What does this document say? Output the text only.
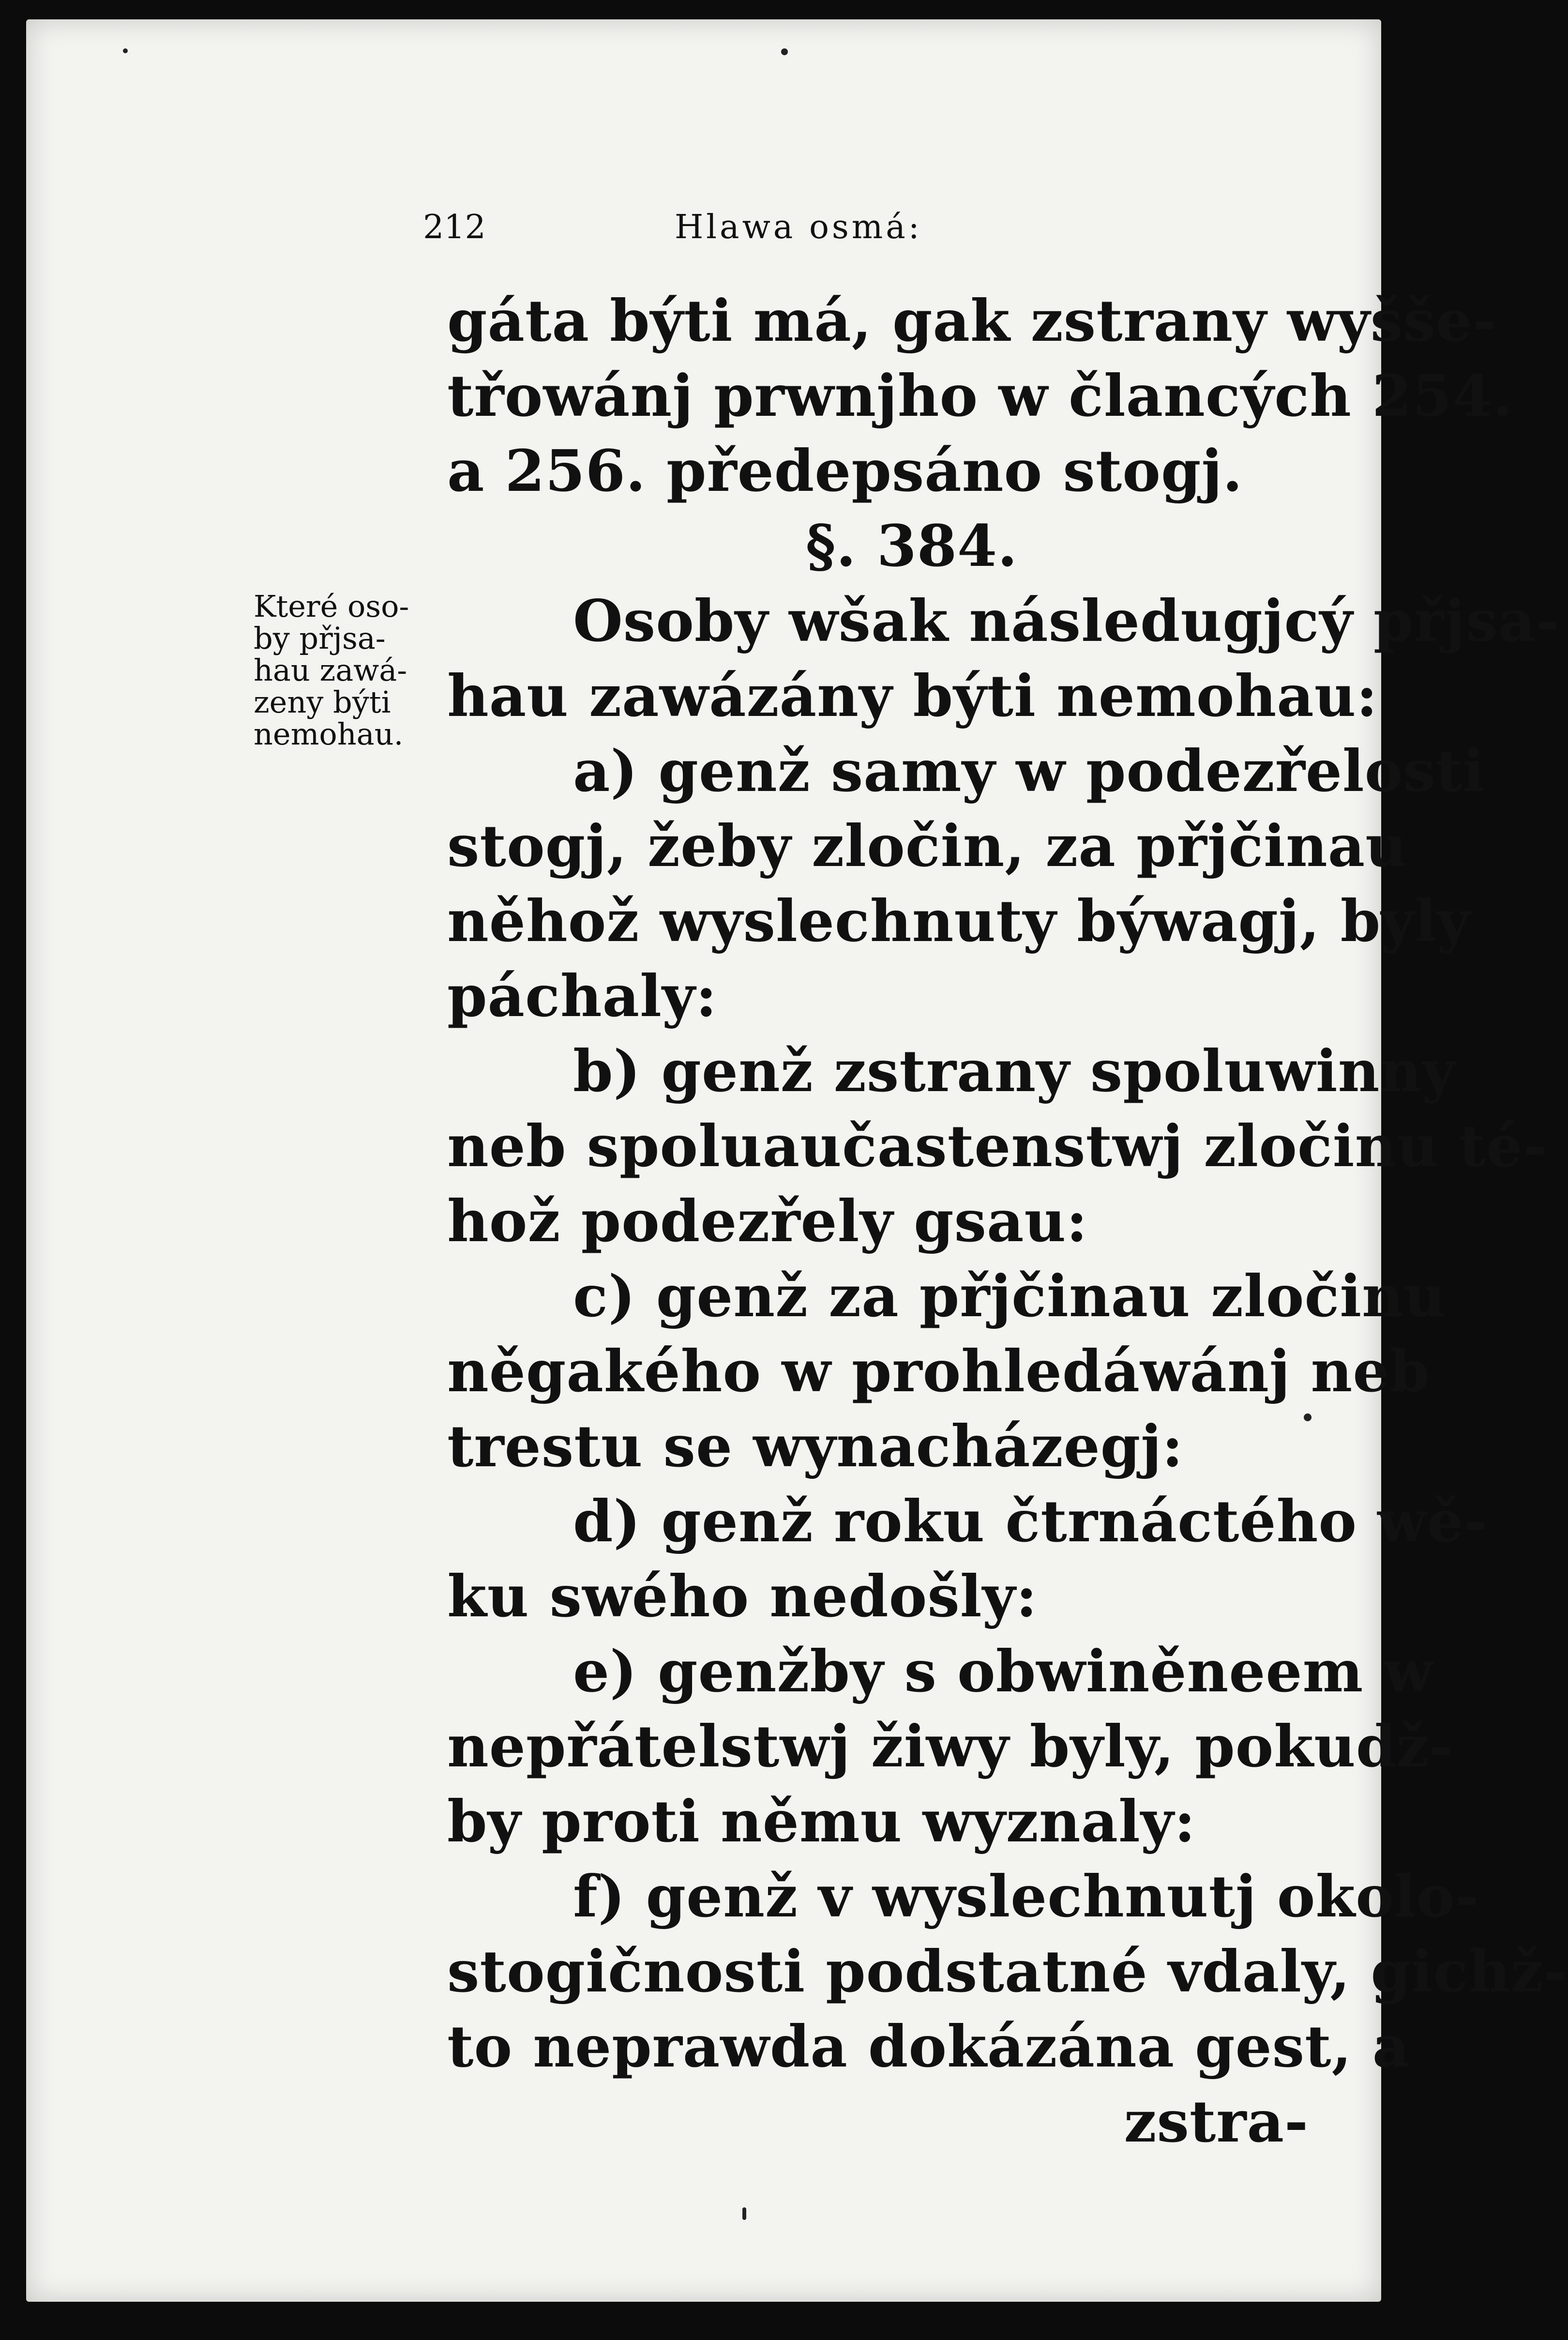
212	Hlawa osmá:
Které oso-
by přjsa-
hau zawá-
zeny býti
nemohau.
gáta býti má, gak zstrany wyšše-
třowánj prwnjho w člancých 254.
a 256. předepsáno stogj.
§. 384.
Osoby wšak následugjcý přjsa-
hau zawázány býti nemohau:
a) genž samy w podezřelosti
stogj, žeby zločin, za přjčinau
něhož wyslechnuty býwagj, byly
páchaly:
b) genž zstrany spoluwinny
neb spoluaučastenstwj zločinu té-
hož podezřely gsau:
c) genž za přjčinau zločinu
něgakého w prohledáwánj neb
trestu se wynacházegj:
d) genž roku čtrnáctého wě-
ku swého nedošly:
e) genžby s obwiněneem w
nepřátelstwj žiwy byly, pokudž-
by proti němu wyznaly:
f) genž v wyslechnutj okolo-
stogičnosti podstatné vdaly, gichž-
to neprawda dokázána gest, a
zstra-
